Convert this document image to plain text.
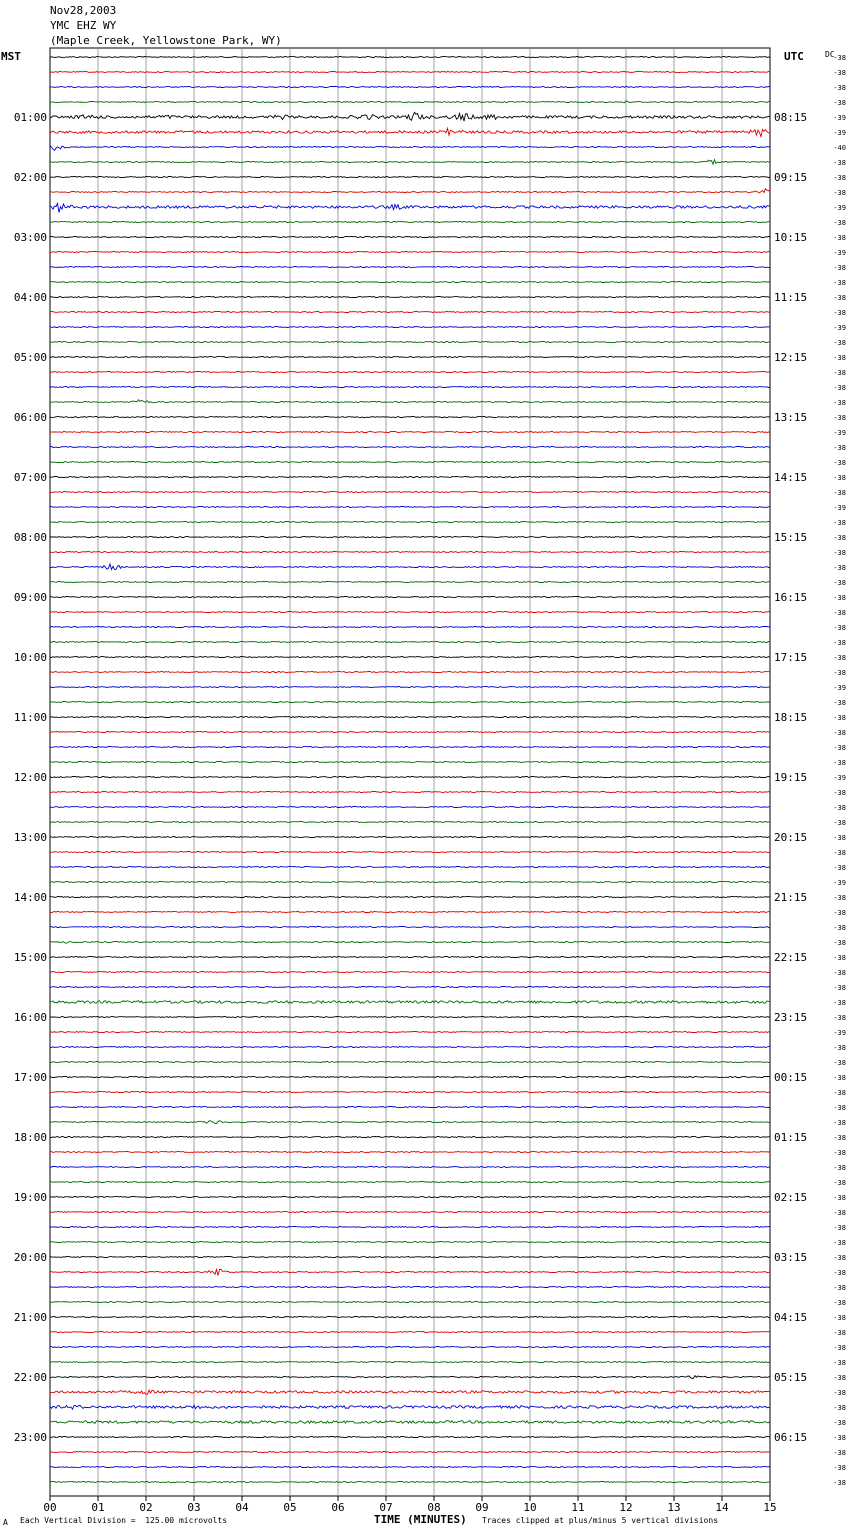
-38
-38
-38
-38
-39
-39
-40
-38
-38
-38
-39
-38
-38
-39
-38
-38
-38
-38
-39
-38
-38
-38
-38
-38
-38
-39
-38
-38
-38
-38
-39
-38
-38
-38
-38
-38
-38
-38
-38
-38
-38
-38
-39
-38
-38
-38
-38
-38
-39
-38
-38
-38
-38
-38
-38
-39
-38
-38
-38
-38
-38
-38
-38
-38
-38
-39
-38
-38
-38
-38
-38
-38
-38
-38
-38
-38
-38
-38
-38
-38
-38
-38
-38
-38
-38
-38
-38
-38
-38
-38
-38
-38
-38
-38
-38
-38
01:00
02:00
03:00
04:00
05:00
06:00
07:00
08:00
09:00
10:00
11:00
12:00
13:00
14:00
15:00
16:00
17:00
18:00
19:00
20:00
21:00
22:00
23:00
08:15
09:15
10:15
11:15
12:15
13:15
14:15
15:15
16:15
17:15
18:15
19:15
20:15
21:15
22:15
23:15
00:15
01:15
02:15
03:15
04:15
05:15
06:15
00	01	02	03	04	05	06	07	08	09	10	11	12	13	14	15
Nov28,2003
YMC EHZ WY
(Maple Creek, Yellowstone Park, WY)
MST	UTC	DC
A Each Vertical Division =  125.00 microvolts	TIME (MINUTES) Traces clipped at plus/minus 5 vertical divisions
